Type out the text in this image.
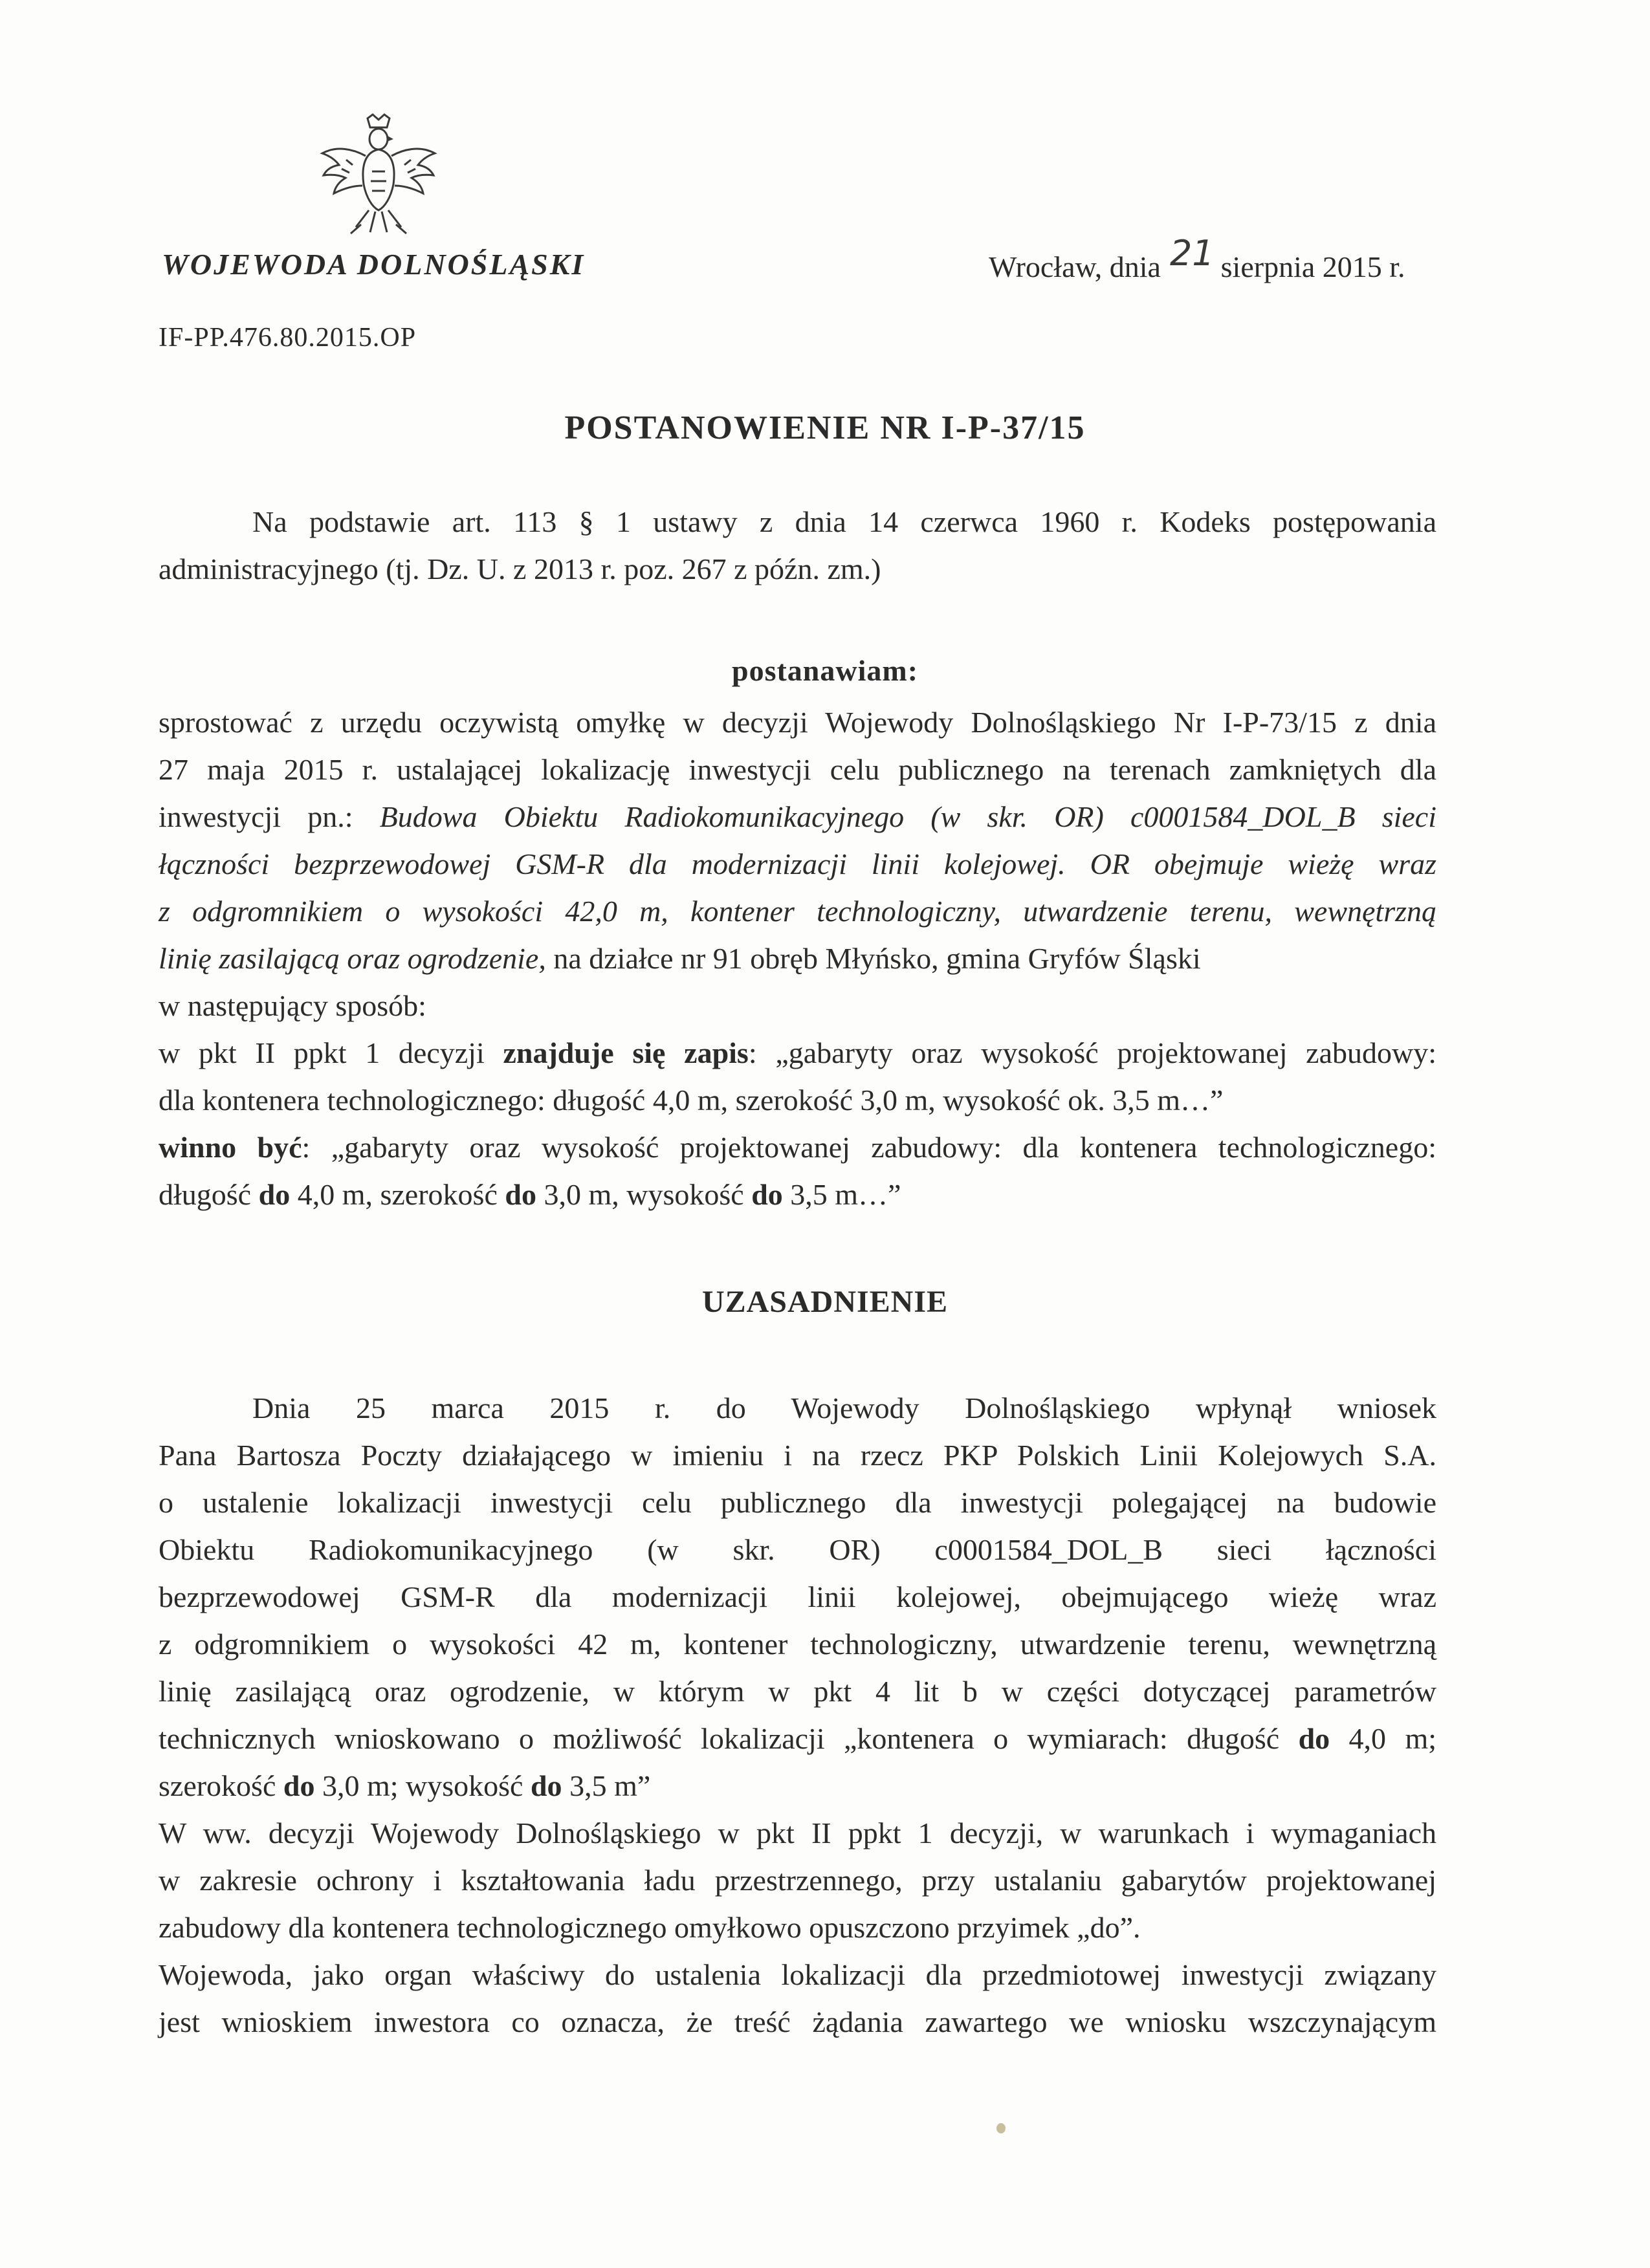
WOJEWODA DOLNOŚLĄSKI	Wrocław, dnia 21 sierpnia 2015 r.
IF-PP.476.80.2015.OP
POSTANOWIENIE NR I-P-37/15
Na podstawie art. 113 § 1 ustawy z dnia 14 czerwca 1960 r. Kodeks postępowania
administracyjnego (tj. Dz. U. z 2013 r. poz. 267 z późn. zm.)
postanawiam:
sprostować z urzędu oczywistą omyłkę w decyzji Wojewody Dolnośląskiego Nr I-P-73/15 z dnia
27 maja 2015 r. ustalającej lokalizację inwestycji celu publicznego na terenach zamkniętych dla
inwestycji pn.: Budowa Obiektu Radiokomunikacyjnego (w skr. OR) c0001584_DOL_B sieci
łączności bezprzewodowej GSM-R dla modernizacji linii kolejowej. OR obejmuje wieżę wraz
z odgromnikiem o wysokości 42,0 m, kontener technologiczny, utwardzenie terenu, wewnętrzną
linię zasilającą oraz ogrodzenie, na działce nr 91 obręb Młyńsko, gmina Gryfów Śląski
w następujący sposób:
w pkt II ppkt 1 decyzji znajduje się zapis: „gabaryty oraz wysokość projektowanej zabudowy:
dla kontenera technologicznego: długość 4,0 m, szerokość 3,0 m, wysokość ok. 3,5 m…”
winno być: „gabaryty oraz wysokość projektowanej zabudowy: dla kontenera technologicznego:
długość do 4,0 m, szerokość do 3,0 m, wysokość do 3,5 m…”
UZASADNIENIE
Dnia 25 marca 2015 r. do Wojewody Dolnośląskiego wpłynął wniosek
Pana Bartosza Poczty działającego w imieniu i na rzecz PKP Polskich Linii Kolejowych S.A.
o ustalenie lokalizacji inwestycji celu publicznego dla inwestycji polegającej na budowie
Obiektu Radiokomunikacyjnego (w skr. OR) c0001584_DOL_B sieci łączności
bezprzewodowej GSM-R dla modernizacji linii kolejowej, obejmującego wieżę wraz
z odgromnikiem o wysokości 42 m, kontener technologiczny, utwardzenie terenu, wewnętrzną
linię zasilającą oraz ogrodzenie, w którym w pkt 4 lit b w części dotyczącej parametrów
technicznych wnioskowano o możliwość lokalizacji „kontenera o wymiarach: długość do 4,0 m;
szerokość do 3,0 m; wysokość do 3,5 m”
W ww. decyzji Wojewody Dolnośląskiego w pkt II ppkt 1 decyzji, w warunkach i wymaganiach
w zakresie ochrony i kształtowania ładu przestrzennego, przy ustalaniu gabarytów projektowanej
zabudowy dla kontenera technologicznego omyłkowo opuszczono przyimek „do”.
Wojewoda, jako organ właściwy do ustalenia lokalizacji dla przedmiotowej inwestycji związany
jest wnioskiem inwestora co oznacza, że treść żądania zawartego we wniosku wszczynającym
